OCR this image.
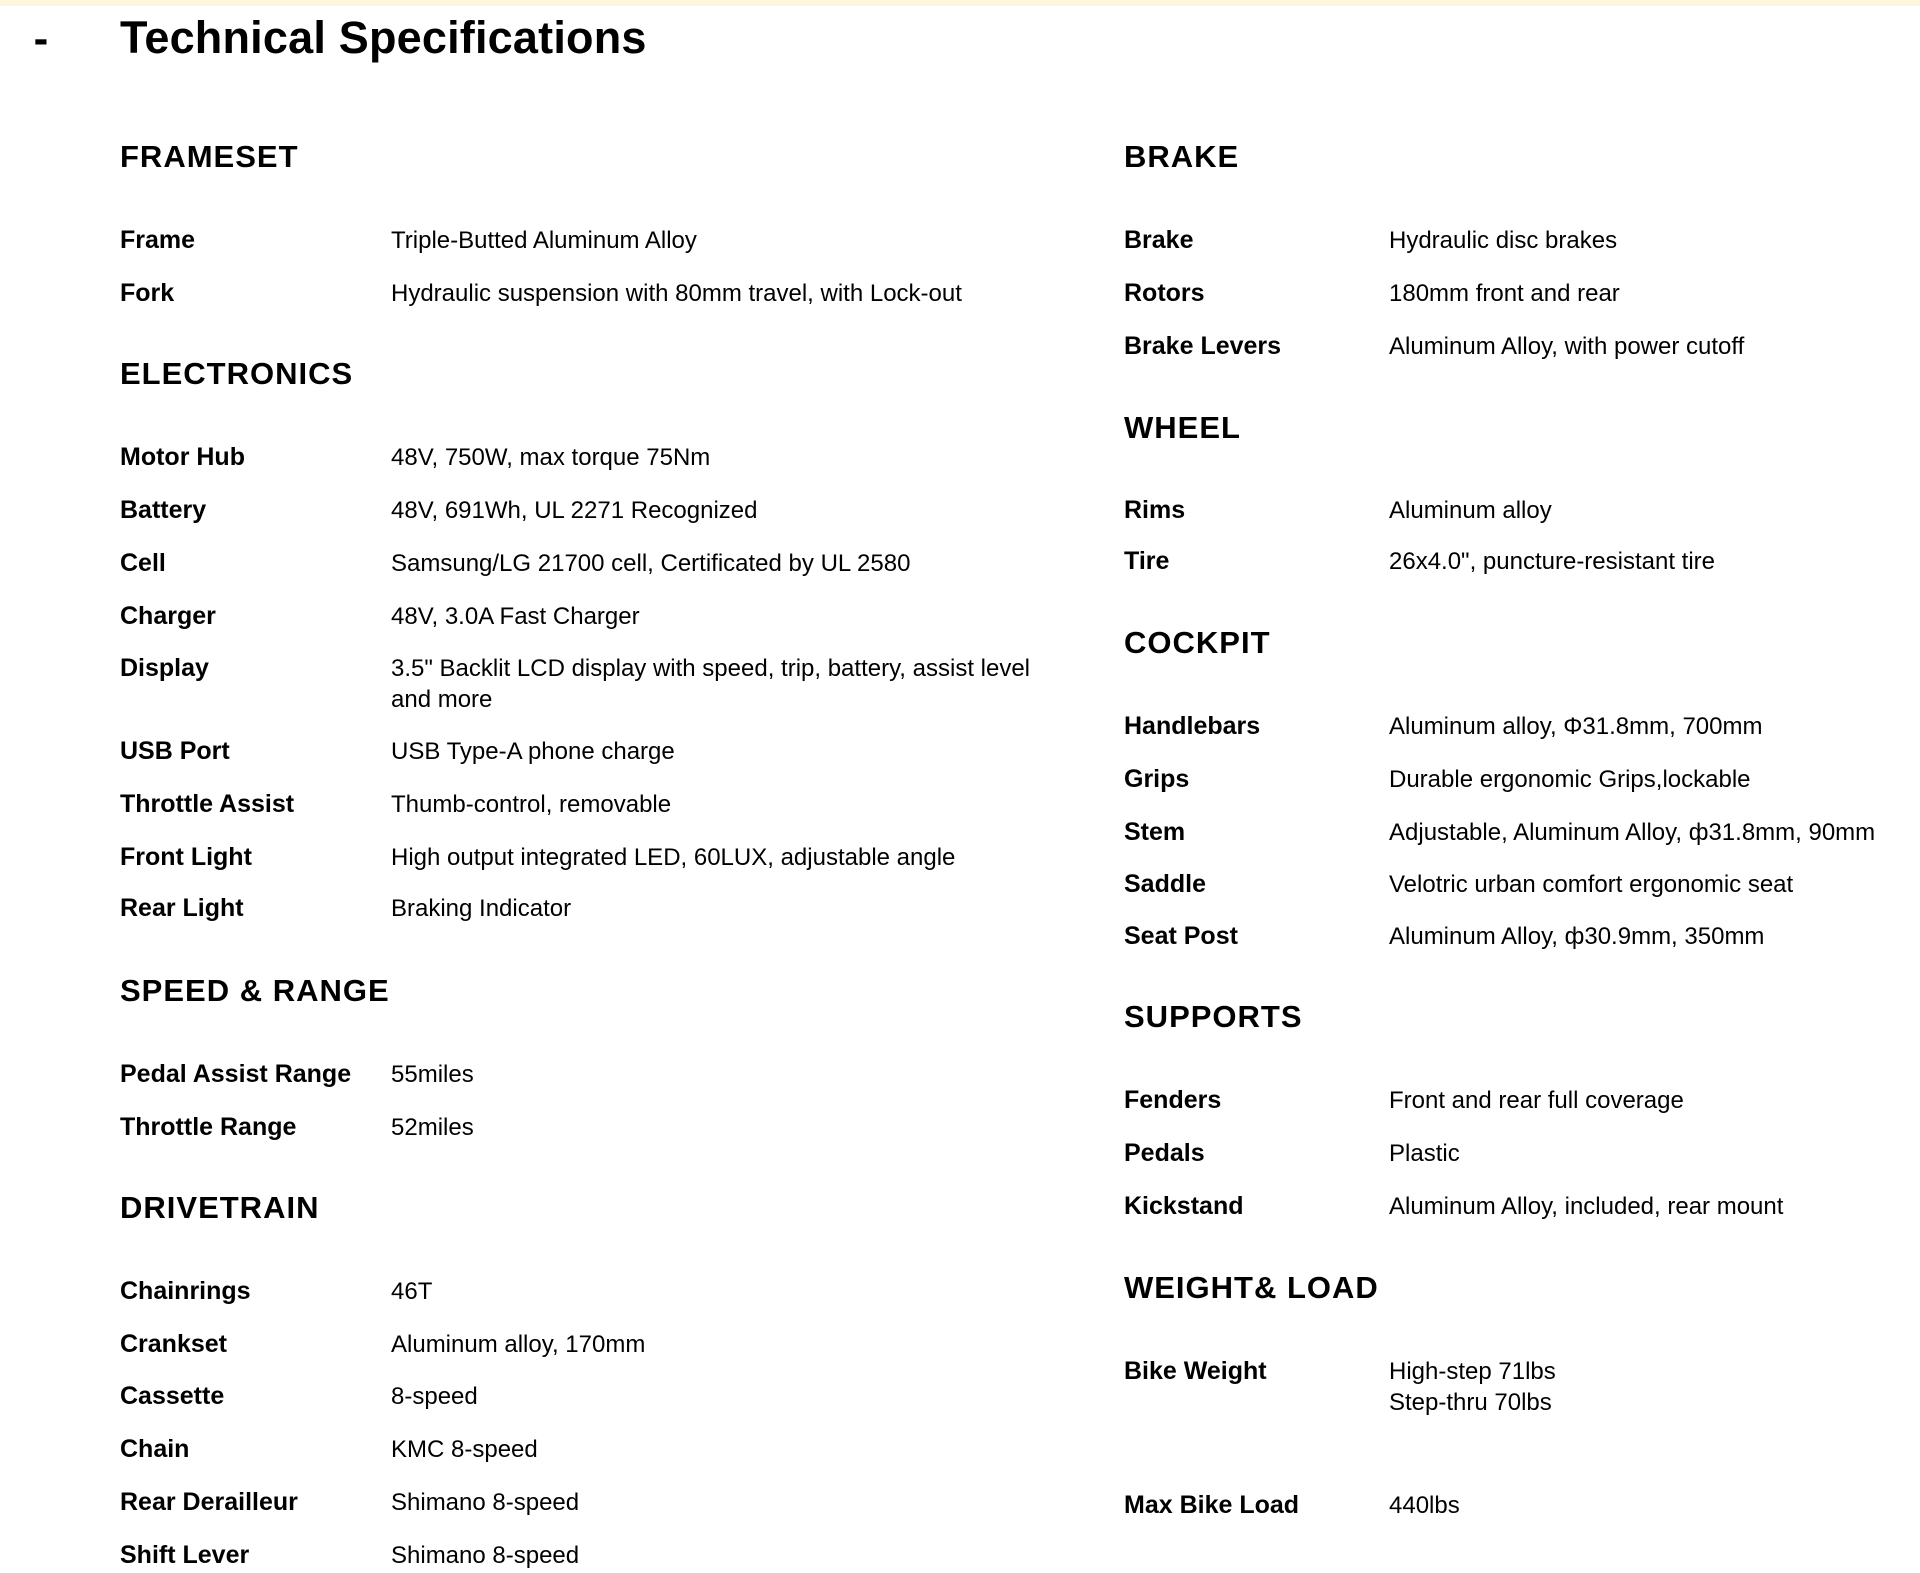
- Technical Specifications
FRAMESET
Frame	Triple-Butted Aluminum Alloy
Fork	Hydraulic suspension with 80mm travel, with Lock-out
ELECTRONICS
Motor Hub	48V, 750W, max torque 75Nm
Battery	48V, 691Wh, UL 2271 Recognized
Cell	Samsung/LG 21700 cell, Certificated by UL 2580
Charger	48V, 3.0A Fast Charger
Display	3.5" Backlit LCD display with speed, trip, battery, assist level and more
USB Port	USB Type-A phone charge
Throttle Assist	Thumb-control, removable
Front Light	High output integrated LED, 60LUX, adjustable angle
Rear Light	Braking Indicator
SPEED & RANGE
Pedal Assist Range 55miles
Throttle Range	52miles
DRIVETRAIN
Chainrings	46T
Crankset	Aluminum alloy, 170mm
Cassette	8-speed
Chain	KMC 8-speed
Rear Derailleur	Shimano 8-speed
Shift Lever	Shimano 8-speed
BRAKE
Brake	Hydraulic disc brakes
Rotors	180mm front and rear
Brake Levers	Aluminum Alloy, with power cutoff
WHEEL
Rims	Aluminum alloy
Tire	26x4.0", puncture-resistant tire
COCKPIT
Handlebars	Aluminum alloy, Φ31.8mm, 700mm
Grips	Durable ergonomic Grips,lockable
Stem	Adjustable, Aluminum Alloy, ф31.8mm, 90mm
Saddle	Velotric urban comfort ergonomic seat
Seat Post	Aluminum Alloy, ф30.9mm, 350mm
SUPPORTS
Fenders	Front and rear full coverage
Pedals	Plastic
Kickstand	Aluminum Alloy, included, rear mount
WEIGHT& LOAD
Bike Weight	High-step 71lbs
Step-thru 70lbs
Max Bike Load	440lbs
